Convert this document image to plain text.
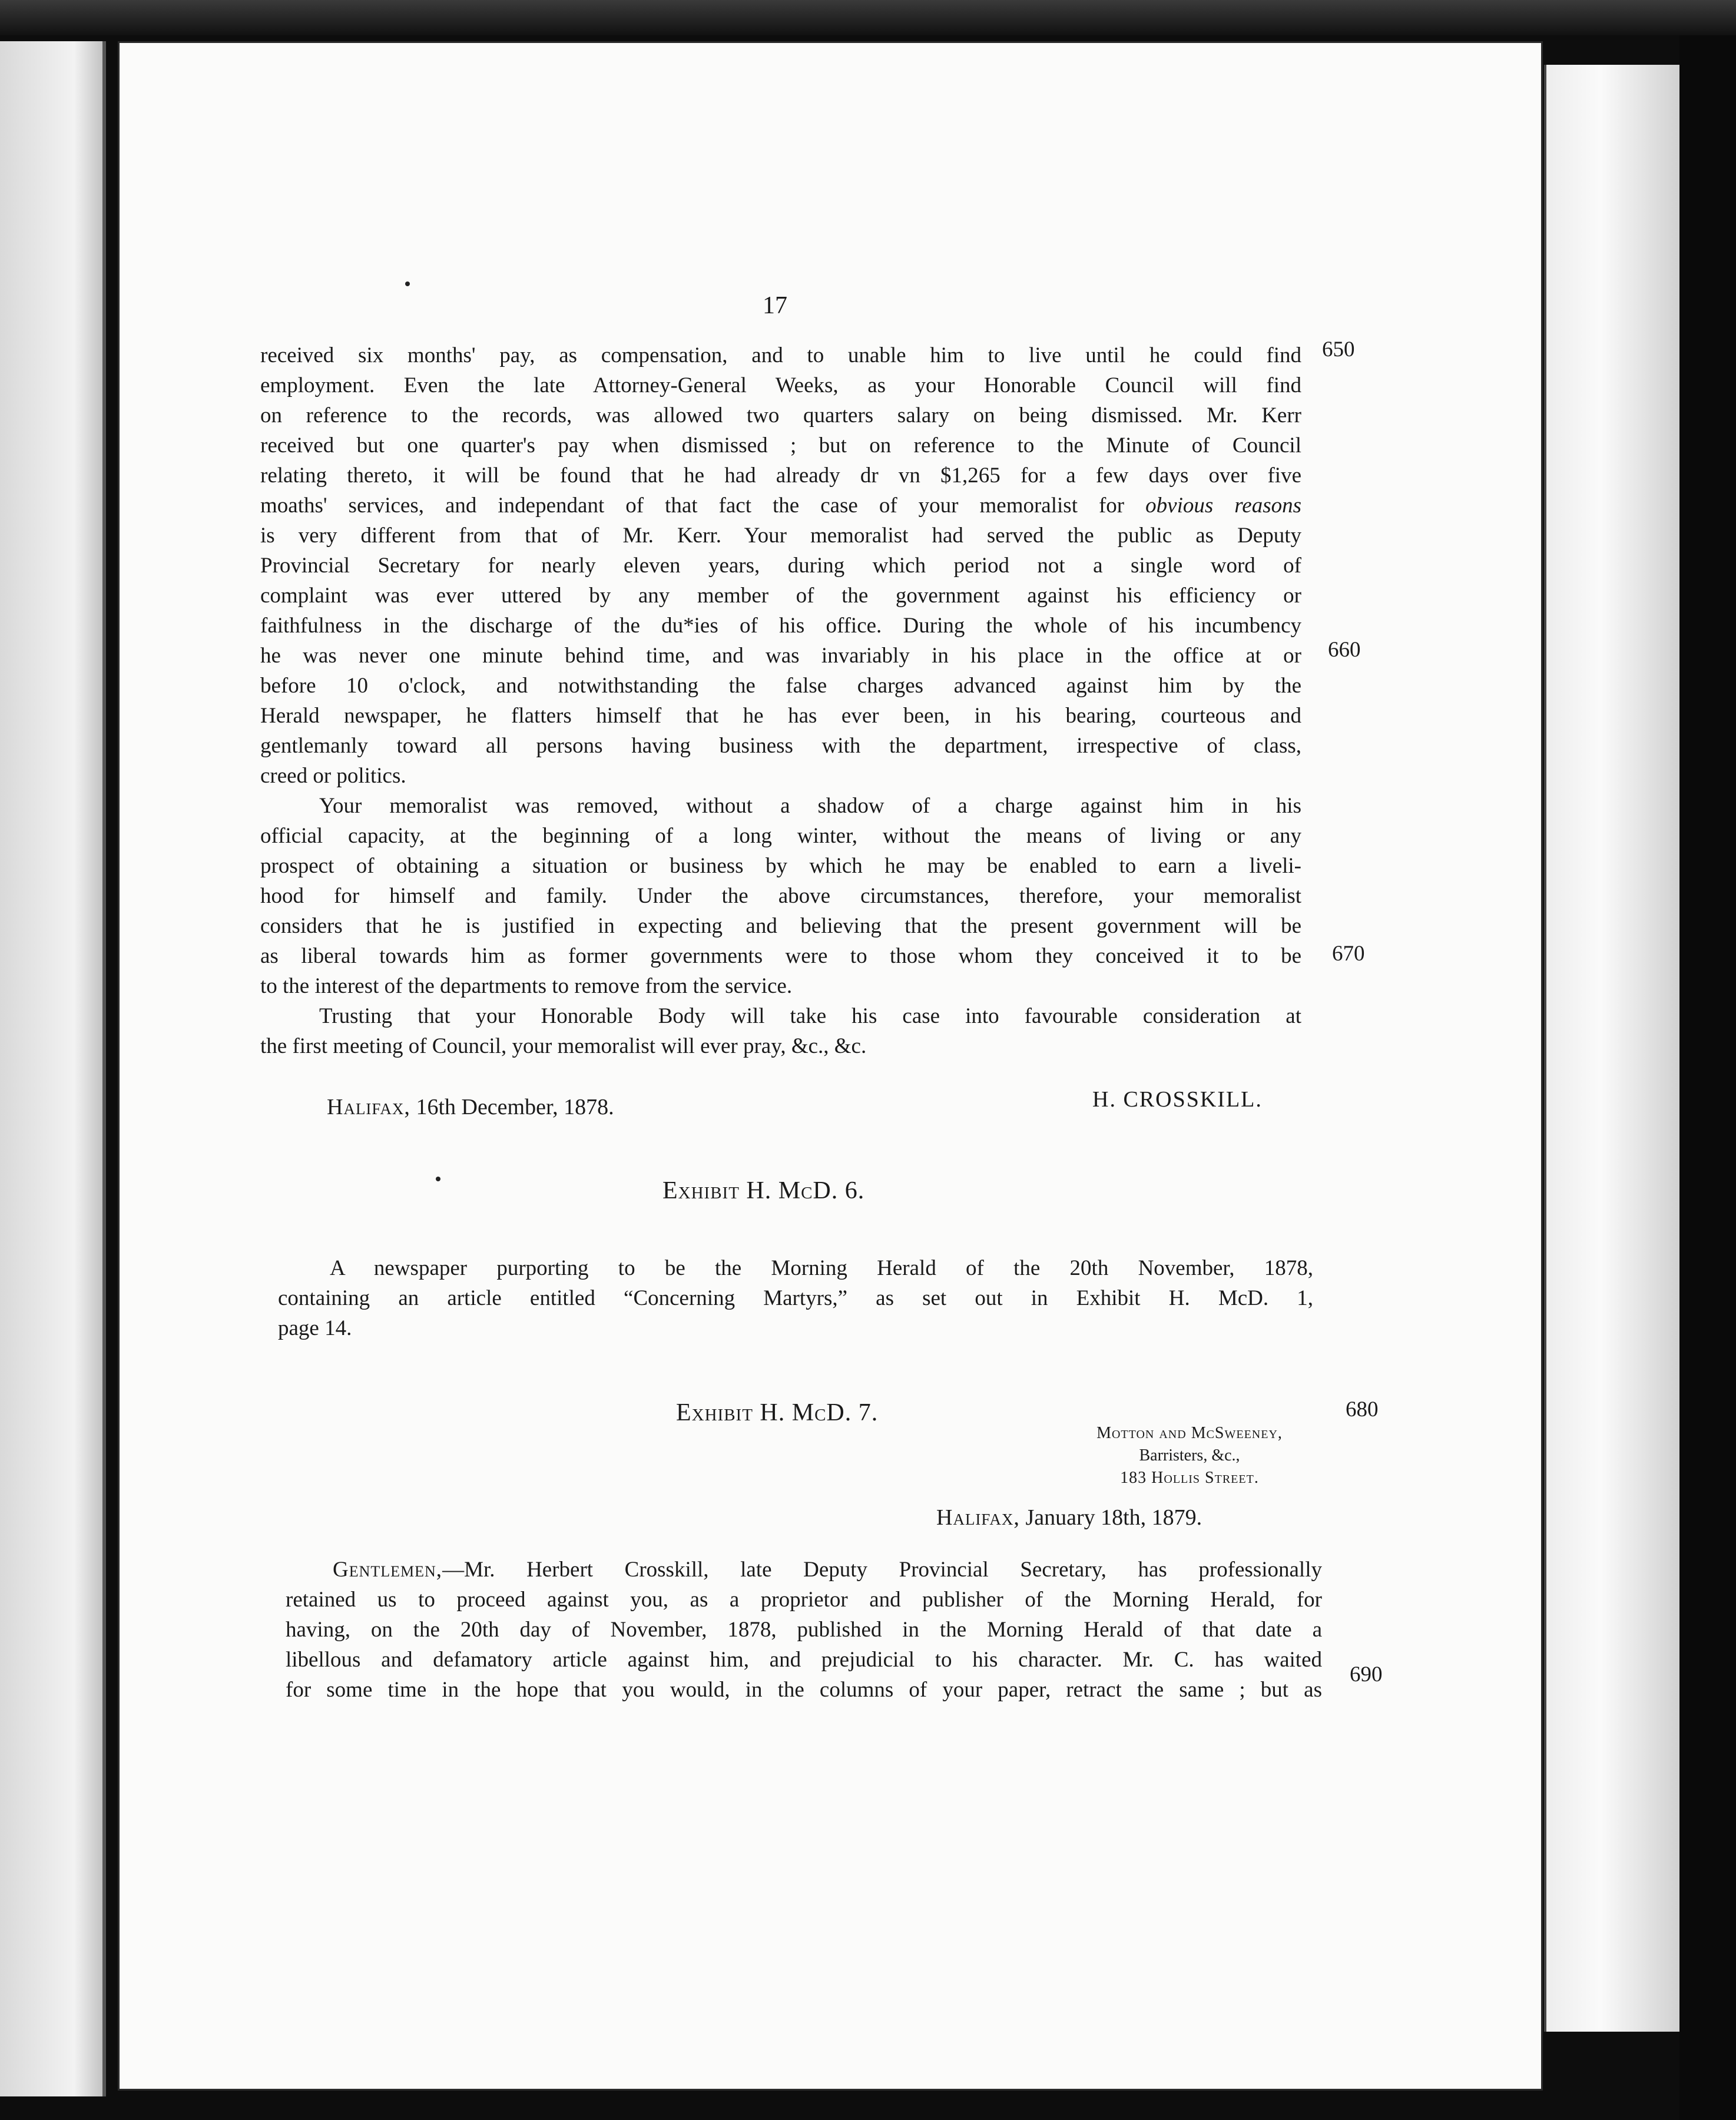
17
650
660
670
680
690
received six months' pay, as compensation, and to unable him to live until he could find
employment. Even the late Attorney-General Weeks, as your Honorable Council will find
on reference to the records, was allowed two quarters salary on being dismissed. Mr. Kerr
received but one quarter's pay when dismissed ; but on reference to the Minute of Council
relating thereto, it will be found that he had already dr vn $1,265 for a few days over five
moaths' services, and independant of that fact the case of your memoralist for obvious reasons
is very different from that of Mr. Kerr. Your memoralist had served the public as Deputy
Provincial Secretary for nearly eleven years, during which period not a single word of
complaint was ever uttered by any member of the government against his efficiency or
faithfulness in the discharge of the du*ies of his office. During the whole of his incumbency
he was never one minute behind time, and was invariably in his place in the office at or
before 10 o'clock, and notwithstanding the false charges advanced against him by the
Herald newspaper, he flatters himself that he has ever been, in his bearing, courteous and
gentlemanly toward all persons having business with the department, irrespective of class,
creed or politics.
Your memoralist was removed, without a shadow of a charge against him in his
official capacity, at the beginning of a long winter, without the means of living or any
prospect of obtaining a situation or business by which he may be enabled to earn a liveli-
hood for himself and family. Under the above circumstances, therefore, your memoralist
considers that he is justified in expecting and believing that the present government will be
as liberal towards him as former governments were to those whom they conceived it to be
to the interest of the departments to remove from the service.
Trusting that your Honorable Body will take his case into favourable consideration at
the first meeting of Council, your memoralist will ever pray, &c., &c.
Halifax, 16th December, 1878.	H. CROSSKILL.
Exhibit H. McD. 6.
A newspaper purporting to be the Morning Herald of the 20th November, 1878,
containing an article entitled “Concerning Martyrs,” as set out in Exhibit H. McD. 1,
page 14.
Exhibit H. McD. 7.
Motton and McSweeney,
Barristers, &c.,
183 Hollis Street.
Halifax, January 18th, 1879.
Gentlemen,—Mr. Herbert Crosskill, late Deputy Provincial Secretary, has professionally
retained us to proceed against you, as a proprietor and publisher of the Morning Herald, for
having, on the 20th day of November, 1878, published in the Morning Herald of that date a
libellous and defamatory article against him, and prejudicial to his character. Mr. C. has waited
for some time in the hope that you would, in the columns of your paper, retract the same ; but as
